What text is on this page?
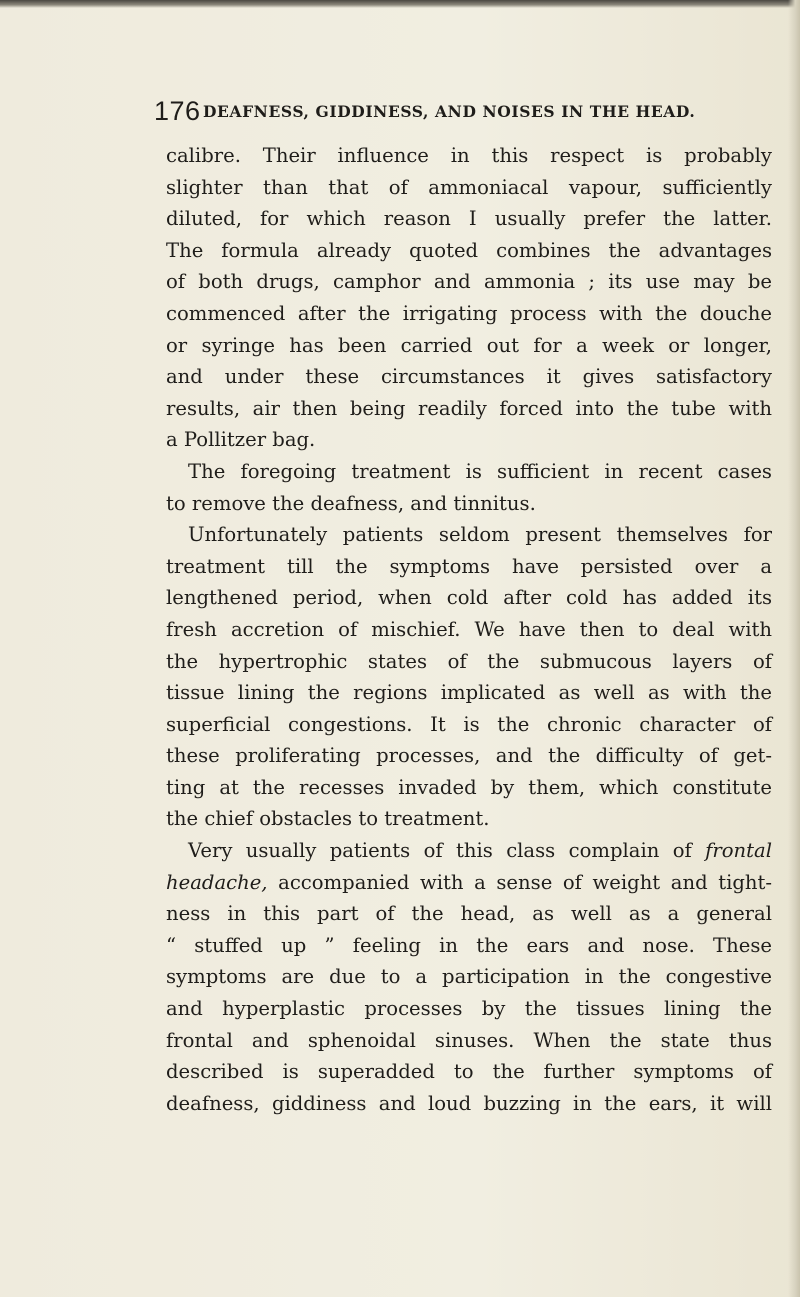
176 DEAFNESS, GIDDINESS, AND NOISES IN THE HEAD.
calibre. Their influence in this respect is probably
slighter than that of ammoniacal vapour, sufficiently
diluted, for which reason I usually prefer the latter.
The formula already quoted combines the advantages
of both drugs, camphor and ammonia ; its use may be
commenced after the irrigating process with the douche
or syringe has been carried out for a week or longer,
and under these circumstances it gives satisfactory
results, air then being readily forced into the tube with
a Pollitzer bag.
The foregoing treatment is sufficient in recent cases
to remove the deafness, and tinnitus.
Unfortunately patients seldom present themselves for
treatment till the symptoms have persisted over a
lengthened period, when cold after cold has added its
fresh accretion of mischief. We have then to deal with
the hypertrophic states of the submucous layers of
tissue lining the regions implicated as well as with the
superficial congestions. It is the chronic character of
these proliferating processes, and the difficulty of get-
ting at the recesses invaded by them, which constitute
the chief obstacles to treatment.
Very usually patients of this class complain of frontal
headache, accompanied with a sense of weight and tight-
ness in this part of the head, as well as a general
“ stuffed up ” feeling in the ears and nose. These
symptoms are due to a participation in the congestive
and hyperplastic processes by the tissues lining the
frontal and sphenoidal sinuses. When the state thus
described is superadded to the further symptoms of
deafness, giddiness and loud buzzing in the ears, it will
